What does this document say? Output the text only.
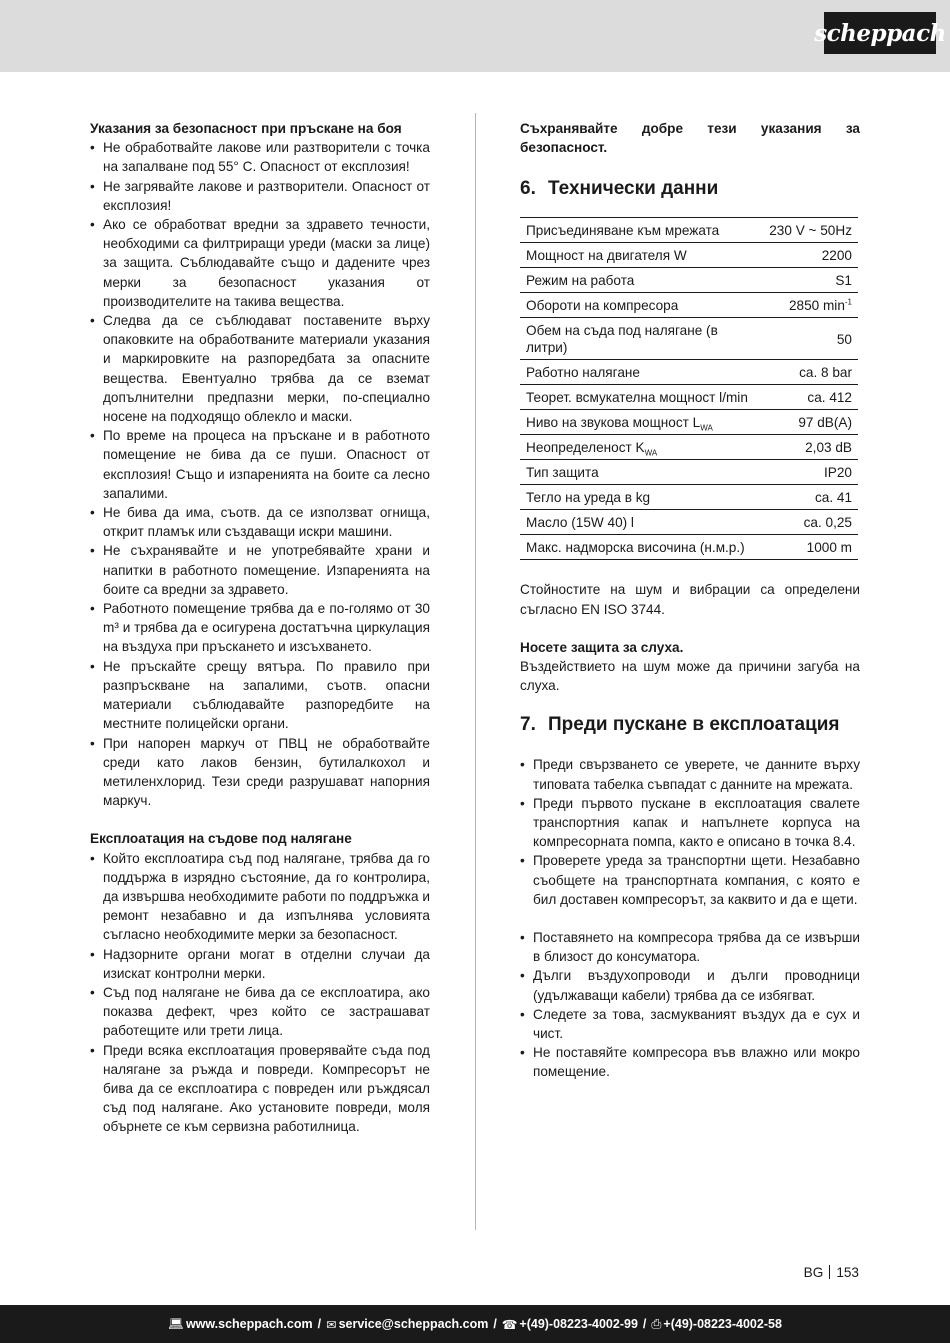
scheppach
Указания за безопасност при пръскане на боя
• Не обработвайте лакове или разтворители с точка на запалване под 55° С. Опасност от експлозия!
• Не загрявайте лакове и разтворители. Опасност от експлозия!
• Ако се обработват вредни за здравето течности, необходими са филтриращи уреди (маски за лице) за защита. Съблюдавайте също и дадените чрез мерки за безопасност указания от производителите на такива вещества.
• Следва да се съблюдават поставените върху опаковките на обработваните материали указания и маркировките на разпоредбата за опасните вещества. Евентуално трябва да се вземат допълнителни предпазни мерки, по-специално носене на подходящо облекло и маски.
• По време на процеса на пръскане и в работното помещение не бива да се пуши. Опасност от експлозия! Също и изпаренията на боите са лесно запалими.
• Не бива да има, съотв. да се използват огнища, открит пламък или създаващи искри машини.
• Не съхранявайте и не употребявайте храни и напитки в работното помещение. Изпаренията на боите са вредни за здравето.
• Работното помещение трябва да е по-голямо от 30 m³ и трябва да е осигурена достатъчна циркулация на въздуха при пръскането и изсъхването.
• Не пръскайте срещу вятъра. По правило при разпръскване на запалими, съотв. опасни материали съблюдавайте разпоредбите на местните полицейски органи.
• При напорен маркуч от ПВЦ не обработвайте среди като лаков бензин, бутилалкохол и метиленхлорид. Тези среди разрушават напорния маркуч.
Експлоатация на съдове под налягане
• Който експлоатира съд под налягане, трябва да го поддържа в изрядно състояние, да го контролира, да извършва необходимите работи по поддръжка и ремонт незабавно и да изпълнява условията съгласно необходимите мерки за безопасност.
• Надзорните органи могат в отделни случаи да изискат контролни мерки.
• Съд под налягане не бива да се експлоатира, ако показва дефект, чрез който се застрашават работещите или трети лица.
• Преди всяка експлоатация проверявайте съда под налягане за ръжда и повреди. Компресорът не бива да се експлоатира с повреден или ръждясал съд под налягане. Ако установите повреди, моля обърнете се към сервизна работилница.
Съхранявайте добре тези указания за безопасност.
6. Технически данни
Присъединяване към мрежата	230 V ~ 50Hz
Мощност на двигателя W	2200
Режим на работа	S1
Обороти на компресора	2850 $\min^{-1}$
Обем на съда под налягане (в литри)	50
Работно налягане	ca. 8 bar
Теорет. всмукателна мощност l/min	ca. 412
Ниво на звукова мощност $L_{WA}$	97 dB(A)
Неопределеност $K_{WA}$	2,03 dB
Тип защита	IP20
Тегло на уреда в kg	ca. 41
Масло (15W 40) l	ca. 0,25
Макс. надморска височина (н.м.р.)	1000 m
Стойностите на шум и вибрации са определени съгласно EN ISO 3744.
Носете защита за слуха.
Въздействието на шум може да причини загуба на слуха.
7. Преди пускане в експлоатация
• Преди свързването се уверете, че данните върху типовата табелка съвпадат с данните на мрежата.
• Преди първото пускане в експлоатация свалете транспортния капак и напълнете корпуса на компресорната помпа, както е описано в точка 8.4.
• Проверете уреда за транспортни щети. Незабавно съобщете на транспортната компания, с която е бил доставен компресорът, за каквито и да е щети.
• Поставянето на компресора трябва да се извърши в близост до консуматора.
• Дълги въздухопроводи и дълги проводници (удължаващи кабели) трябва да се избягват.
• Следете за това, засмукваният въздух да е сух и чист.
• Не поставяйте компресора във влажно или мокро помещение.
BG 153
💻︎ www.scheppach.com / ✉︎ service@scheppach.com / ☎︎ +(49)-08223-4002-99 / ⎙︎ +(49)-08223-4002-58
